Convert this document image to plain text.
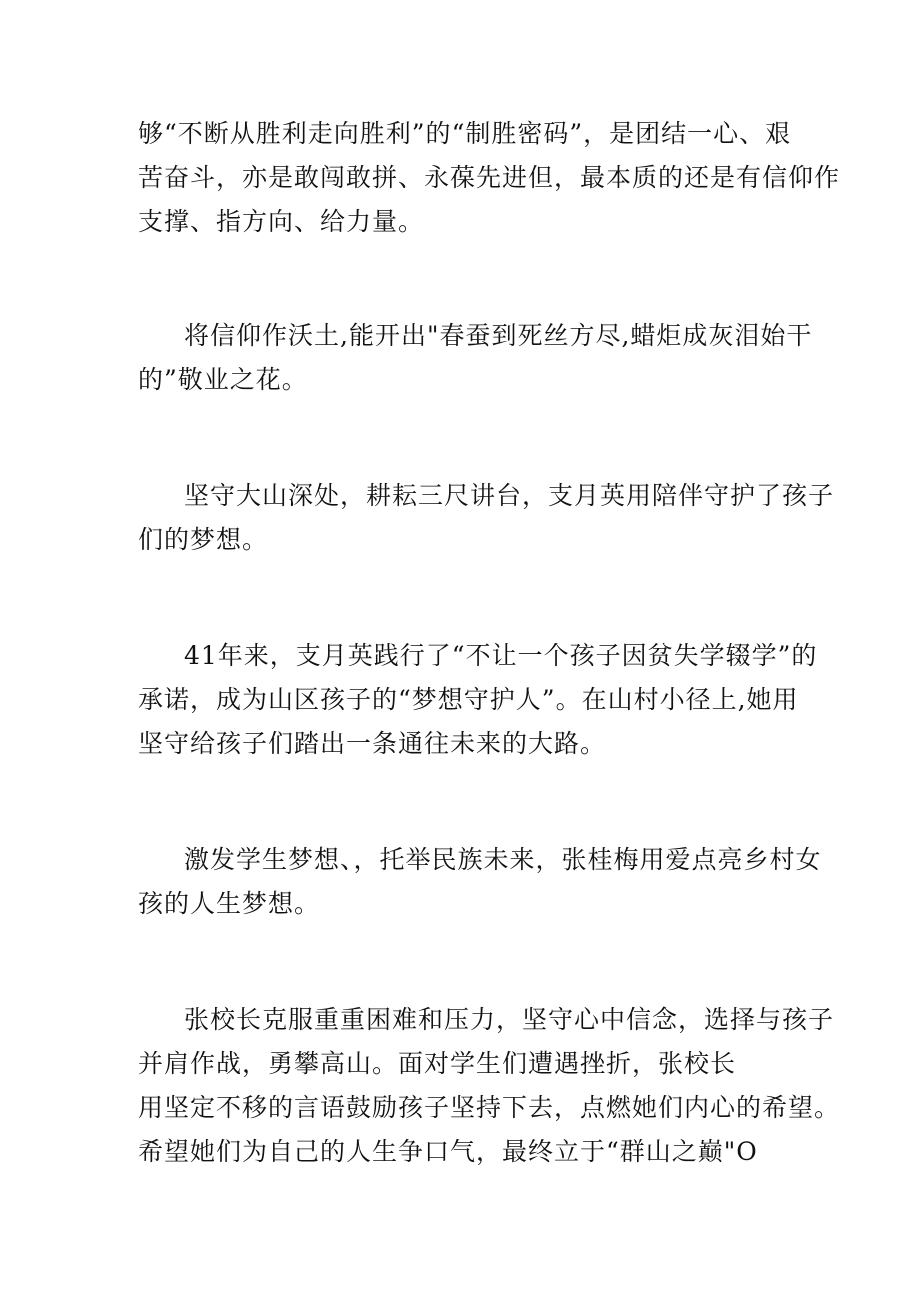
够“不断从胜利走向胜利”的“制胜密码”，是团结一心、艰
苦奋斗，亦是敢闯敢拼、永葆先进但，最本质的还是有信仰作
支撑、指方向、给力量。
将信仰作沃土,能开出"春蚕到死丝方尽,蜡炬成灰泪始干
的”敬业之花。
坚守大山深处，耕耘三尺讲台，支月英用陪伴守护了孩子
们的梦想。
41年来，支月英践行了“不让一个孩子因贫失学辍学”的
承诺，成为山区孩子的“梦想守护人”。在山村小径上,她用
坚守给孩子们踏出一条通往未来的大路。
激发学生梦想、，托举民族未来，张桂梅用爱点亮乡村女
孩的人生梦想。
张校长克服重重困难和压力，坚守心中信念，选择与孩子
并肩作战，勇攀高山。面对学生们遭遇挫折，张校长
用坚定不移的言语鼓励孩子坚持下去，点燃她们内心的希望。
希望她们为自己的人生争口气，最终立于“群山之巅"O
